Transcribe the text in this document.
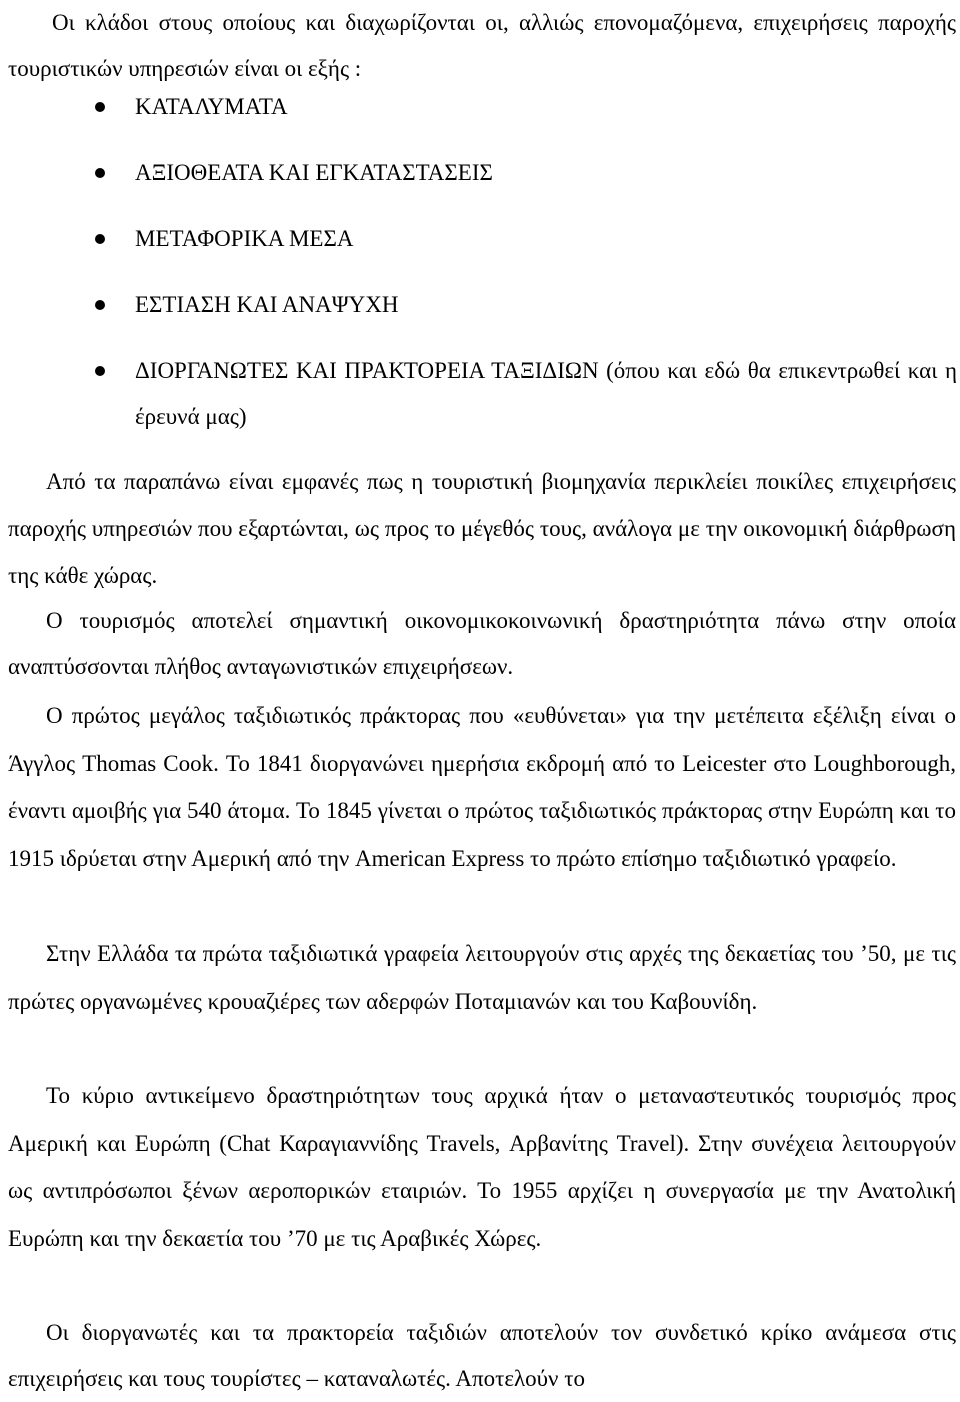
Οι κλάδοι στους οποίους και διαχωρίζονται οι, αλλιώς επονομαζόμενα, επιχειρήσεις παροχής τουριστικών υπηρεσιών είναι οι εξής :

ΚΑΤΑΛΥΜΑΤΑ
ΑΞΙΟΘΕΑΤΑ ΚΑΙ ΕΓΚΑΤΑΣΤΑΣΕΙΣ
ΜΕΤΑΦΟΡΙΚΑ ΜΕΣΑ
ΕΣΤΙΑΣΗ ΚΑΙ ΑΝΑΨΥΧΗ
ΔΙΟΡΓΑΝΩΤΕΣ ΚΑΙ ΠΡΑΚΤΟΡΕΙΑ ΤΑΞΙΔΙΩΝ (όπου και εδώ θα επικεντρωθεί και η έρευνά μας)

Από τα παραπάνω είναι εμφανές πως η τουριστική βιομηχανία περικλείει ποικίλες επιχειρήσεις παροχής υπηρεσιών που εξαρτώνται, ως προς το μέγεθός τους, ανάλογα με την οικονομική διάρθρωση της κάθε χώρας.

Ο τουρισμός αποτελεί σημαντική οικονομικοκοινωνική δραστηριότητα πάνω στην οποία αναπτύσσονται πλήθος ανταγωνιστικών επιχειρήσεων.

Ο πρώτος μεγάλος ταξιδιωτικός πράκτορας που «ευθύνεται» για την μετέπειτα εξέλιξη είναι ο Άγγλος Thomas Cook. Το 1841 διοργανώνει ημερήσια εκδρομή από το Leicester στο Loughborough, έναντι αμοιβής για 540 άτομα. Το 1845 γίνεται ο πρώτος ταξιδιωτικός πράκτορας στην Ευρώπη και το 1915 ιδρύεται στην Αμερική από την American Express το πρώτο επίσημο ταξιδιωτικό γραφείο.

Στην Ελλάδα τα πρώτα ταξιδιωτικά γραφεία λειτουργούν στις αρχές της δεκαετίας του ’50, με τις πρώτες οργανωμένες κρουαζιέρες των αδερφών Ποταμιανών και του Καβουνίδη.

Το κύριο αντικείμενο δραστηριότητων τους αρχικά ήταν ο μεταναστευτικός τουρισμός προς Αμερική και Ευρώπη (Chat Καραγιαννίδης Travels, Αρβανίτης Travel). Στην συνέχεια λειτουργούν ως αντιπρόσωποι ξένων αεροπορικών εταιριών. Το 1955 αρχίζει η συνεργασία με την Ανατολική Ευρώπη και την δεκαετία του ’70 με τις Αραβικές Χώρες.

Οι διοργανωτές και τα πρακτορεία ταξιδιών αποτελούν τον συνδετικό κρίκο ανάμεσα στις επιχειρήσεις και τους τουρίστες – καταναλωτές. Αποτελούν το
